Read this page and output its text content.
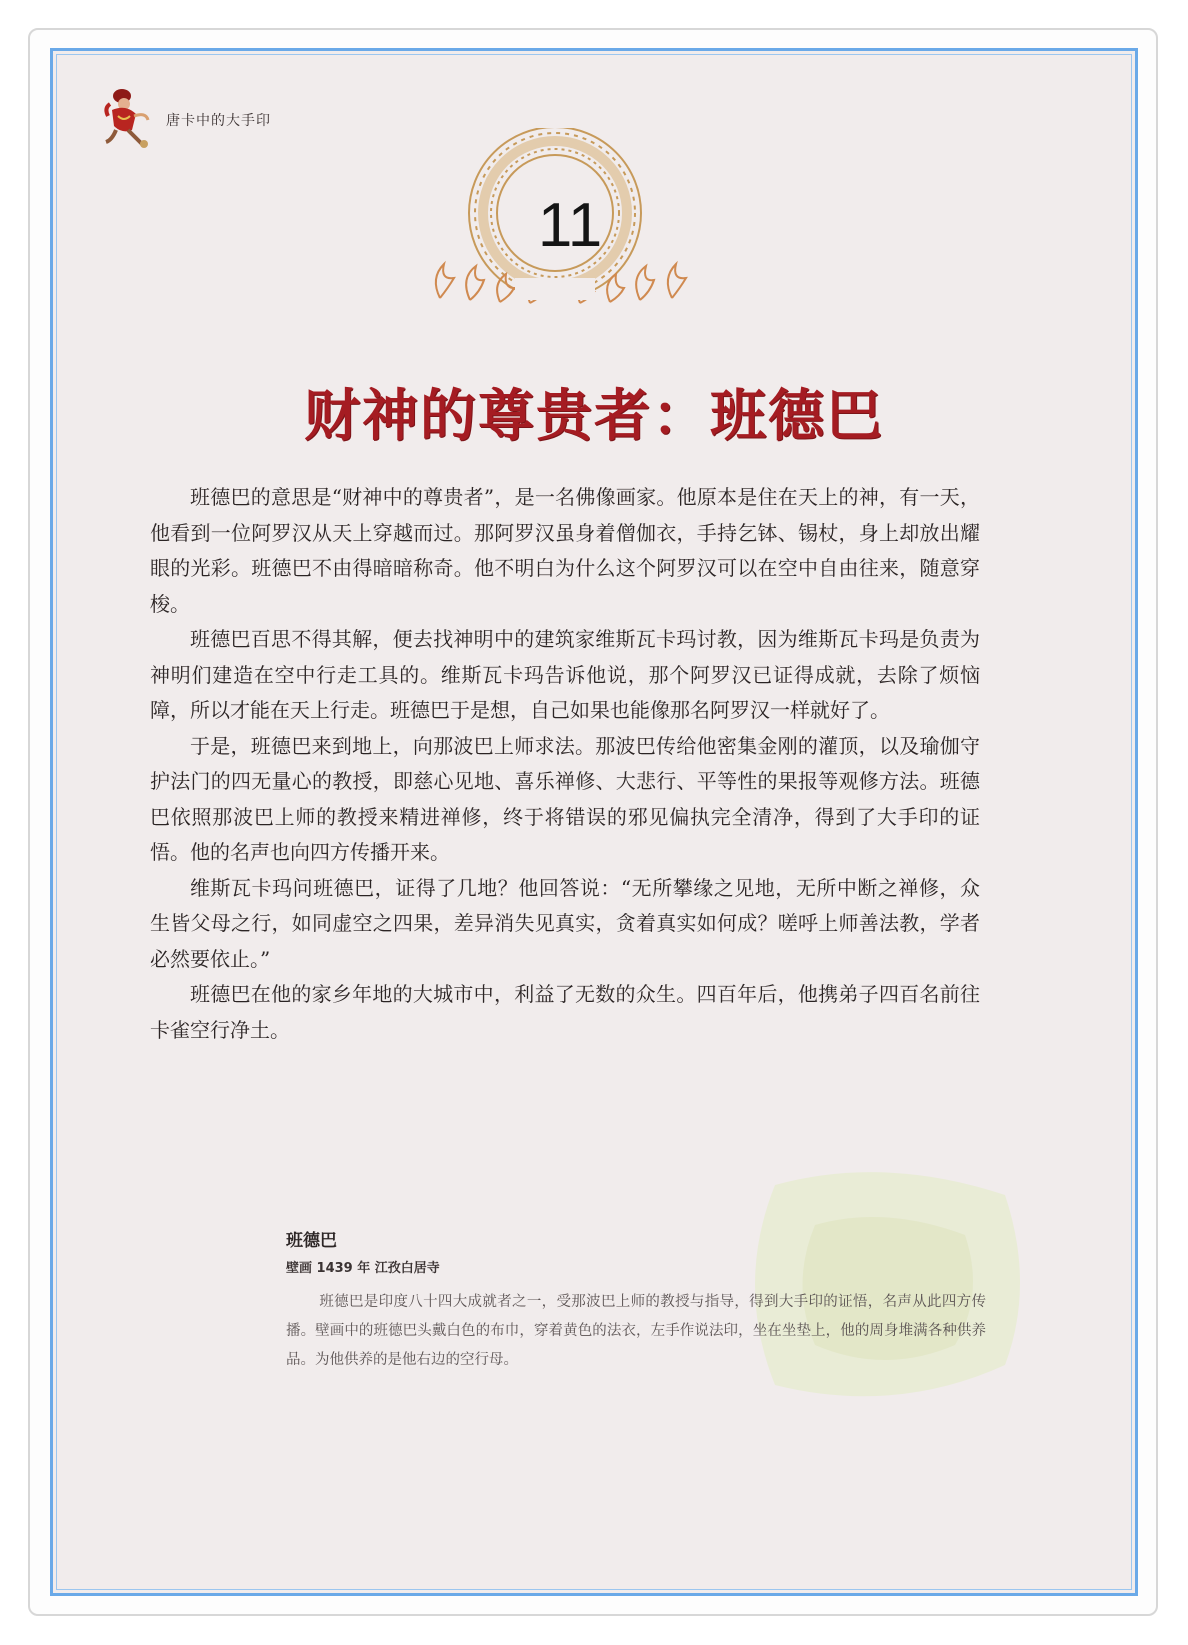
唐卡中的大手印
11
财神的尊贵者：班德巴

班德巴的意思是“财神中的尊贵者”，是一名佛像画家。他原本是住在天上的神，有一天，他看到一位阿罗汉从天上穿越而过。那阿罗汉虽身着僧伽衣，手持乞钵、锡杖，身上却放出耀眼的光彩。班德巴不由得暗暗称奇。他不明白为什么这个阿罗汉可以在空中自由往来，随意穿梭。

班德巴百思不得其解，便去找神明中的建筑家维斯瓦卡玛讨教，因为维斯瓦卡玛是负责为神明们建造在空中行走工具的。维斯瓦卡玛告诉他说，那个阿罗汉已证得成就，去除了烦恼障，所以才能在天上行走。班德巴于是想，自己如果也能像那名阿罗汉一样就好了。

于是，班德巴来到地上，向那波巴上师求法。那波巴传给他密集金刚的灌顶，以及瑜伽守护法门的四无量心的教授，即慈心见地、喜乐禅修、大悲行、平等性的果报等观修方法。班德巴依照那波巴上师的教授来精进禅修，终于将错误的邪见偏执完全清净，得到了大手印的证悟。他的名声也向四方传播开来。

维斯瓦卡玛问班德巴，证得了几地？他回答说：“无所攀缘之见地，无所中断之禅修，众生皆父母之行，如同虚空之四果，差异消失见真实，贪着真实如何成？嗟呼上师善法教，学者必然要依止。”

班德巴在他的家乡年地的大城市中，利益了无数的众生。四百年后，他携弟子四百名前往卡雀空行净土。

班德巴
壁画 1439 年 江孜白居寺

班德巴是印度八十四大成就者之一，受那波巴上师的教授与指导，得到大手印的证悟，名声从此四方传播。壁画中的班德巴头戴白色的布巾，穿着黄色的法衣，左手作说法印，坐在坐垫上，他的周身堆满各种供养品。为他供养的是他右边的空行母。
